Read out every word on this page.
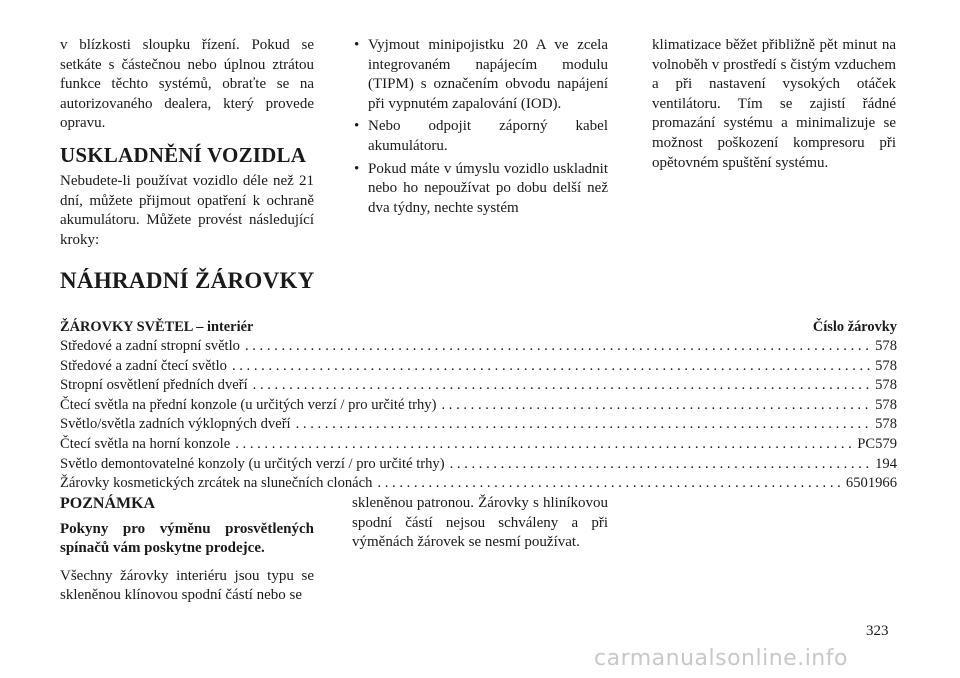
v blízkosti sloupku řízení. Pokud se setkáte s částečnou nebo úplnou ztrátou funkce těchto systémů, obraťte se na autorizovaného dealera, který provede opravu.

USKLADNĚNÍ VOZIDLA

Nebudete-li používat vozidlo déle než 21 dní, můžete přijmout opatření k ochraně akumulátoru. Můžete provést následující kroky:

• Vyjmout minipojistku 20 A ve zcela integrovaném napájecím modulu (TIPM) s označením obvodu napájení při vypnutém zapalování (IOD).
• Nebo odpojit záporný kabel akumulátoru.
• Pokud máte v úmyslu vozidlo uskladnit nebo ho nepoužívat po dobu delší než dva týdny, nechte systém

klimatizace běžet přibližně pět minut na volnoběh v prostředí s čistým vzduchem a při nastavení vysokých otáček ventilátoru. Tím se zajistí řádné promazání systému a minimalizuje se možnost poškození kompresoru při opětovném spuštění systému.

NÁHRADNÍ ŽÁROVKY
ŽÁROVKY SVĚTEL – interiér	Číslo žárovky
Středové a zadní stropní světlo . . .	578
Středové a zadní čtecí světlo . . .	578
Stropní osvětlení předních dveří . . .	578
Čtecí světla na přední konzole (u určitých verzí / pro určité trhy) . . .	578
Světlo/světla zadních výklopných dveří . . .	578
Čtecí světla na horní konzole . . .	PC579
Světlo demontovatelné konzoly (u určitých verzí / pro určité trhy) . . .	194
Žárovky kosmetických zrcátek na slunečních clonách . . .	6501966
POZNÁMKA

Pokyny pro výměnu prosvětlených spínačů vám poskytne prodejce.

Všechny žárovky interiéru jsou typu se skleněnou klínovou spodní částí nebo se

skleněnou patronou. Žárovky s hliníkovou spodní částí nejsou schváleny a při výměnách žárovek se nesmí používat.
323
carmanualsonline.info
